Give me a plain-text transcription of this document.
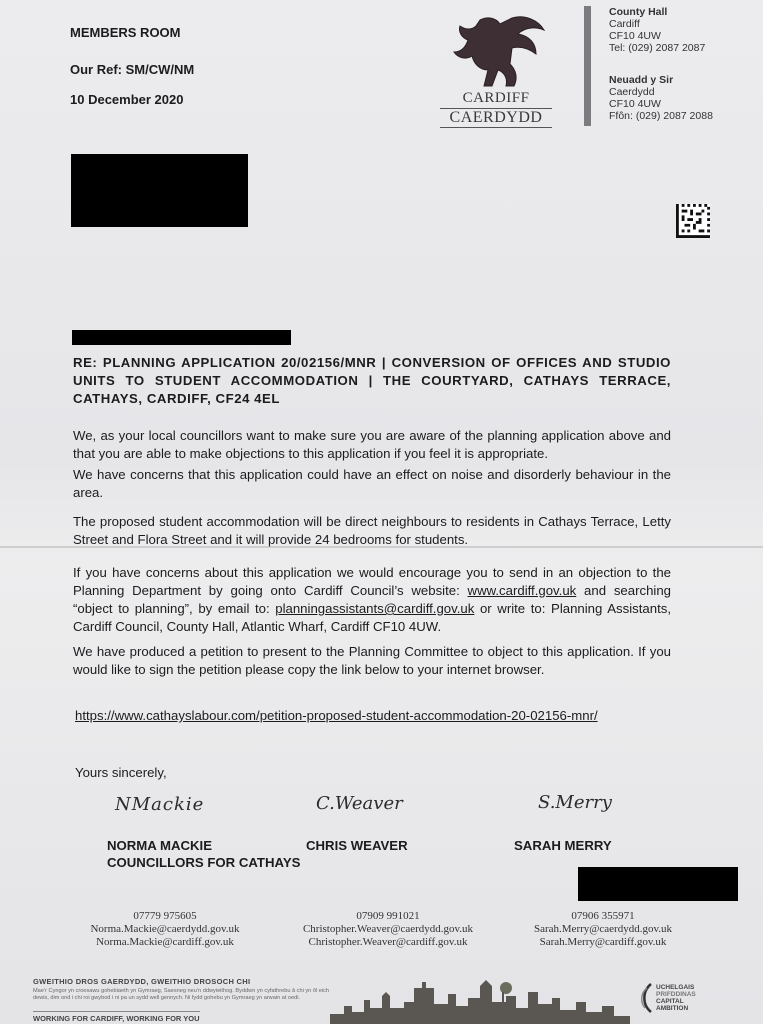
MEMBERS ROOM
Our Ref: SM/CW/NM
10 December 2020	CARDIFF
CAERDYDD
County Hall
Cardiff
CF10 4UW
Tel: (029) 2087 2087
Neuadd y Sir
Caerdydd
CF10 4UW
Ffôn: (029) 2087 2088
RE: PLANNING APPLICATION 20/02156/MNR | CONVERSION OF OFFICES AND STUDIO UNITS TO STUDENT ACCOMMODATION | THE COURTYARD, CATHAYS TERRACE, CATHAYS, CARDIFF, CF24 4EL
We, as your local councillors want to make sure you are aware of the planning application above and that you are able to make objections to this application if you feel it is appropriate.
We have concerns that this application could have an effect on noise and disorderly behaviour in the area.
The proposed student accommodation will be direct neighbours to residents in Cathays Terrace, Letty Street and Flora Street and it will provide 24 bedrooms for students.
If you have concerns about this application we would encourage you to send in an objection to the Planning Department by going onto Cardiff Council’s website: www.cardiff.gov.uk and searching “object to planning”, by email to: planningassistants@cardiff.gov.uk or write to: Planning Assistants, Cardiff Council, County Hall, Atlantic Wharf, Cardiff CF10 4UW.
We have produced a petition to present to the Planning Committee to object to this application. If you would like to sign the petition please copy the link below to your internet browser.
https://www.cathayslabour.com/petition-proposed-student-accommodation-20-02156-mnr/
Yours sincerely,
NMackie	C.Weaver	S.Merry
NORMA MACKIE	CHRIS WEAVER	SARAH MERRY
COUNCILLORS FOR CATHAYS
07779 975605
Norma.Mackie@caerdydd.gov.uk
Norma.Mackie@cardiff.gov.uk
07909 991021
Christopher.Weaver@caerdydd.gov.uk
Christopher.Weaver@cardiff.gov.uk
07906 355971
Sarah.Merry@caerdydd.gov.uk
Sarah.Merry@cardiff.gov.uk
GWEITHIO DROS GAERDYDD, GWEITHIO DROSOCH CHI
Mae’r Cyngor yn croesawu gohebiaeth yn Gymraeg, Saesneg neu’n ddwyieithog. Byddwn yn cyfathrebu â chi yn ôl eich dewis, dim ond i chi roi gwybod i ni pa un sydd well gennych. Ni fydd gohebu yn Gymraeg yn arwain at oedi.
WORKING FOR CARDIFF, WORKING FOR YOU
UCHELGAIS
PRIFDDINAS
CAPITAL
AMBITION
